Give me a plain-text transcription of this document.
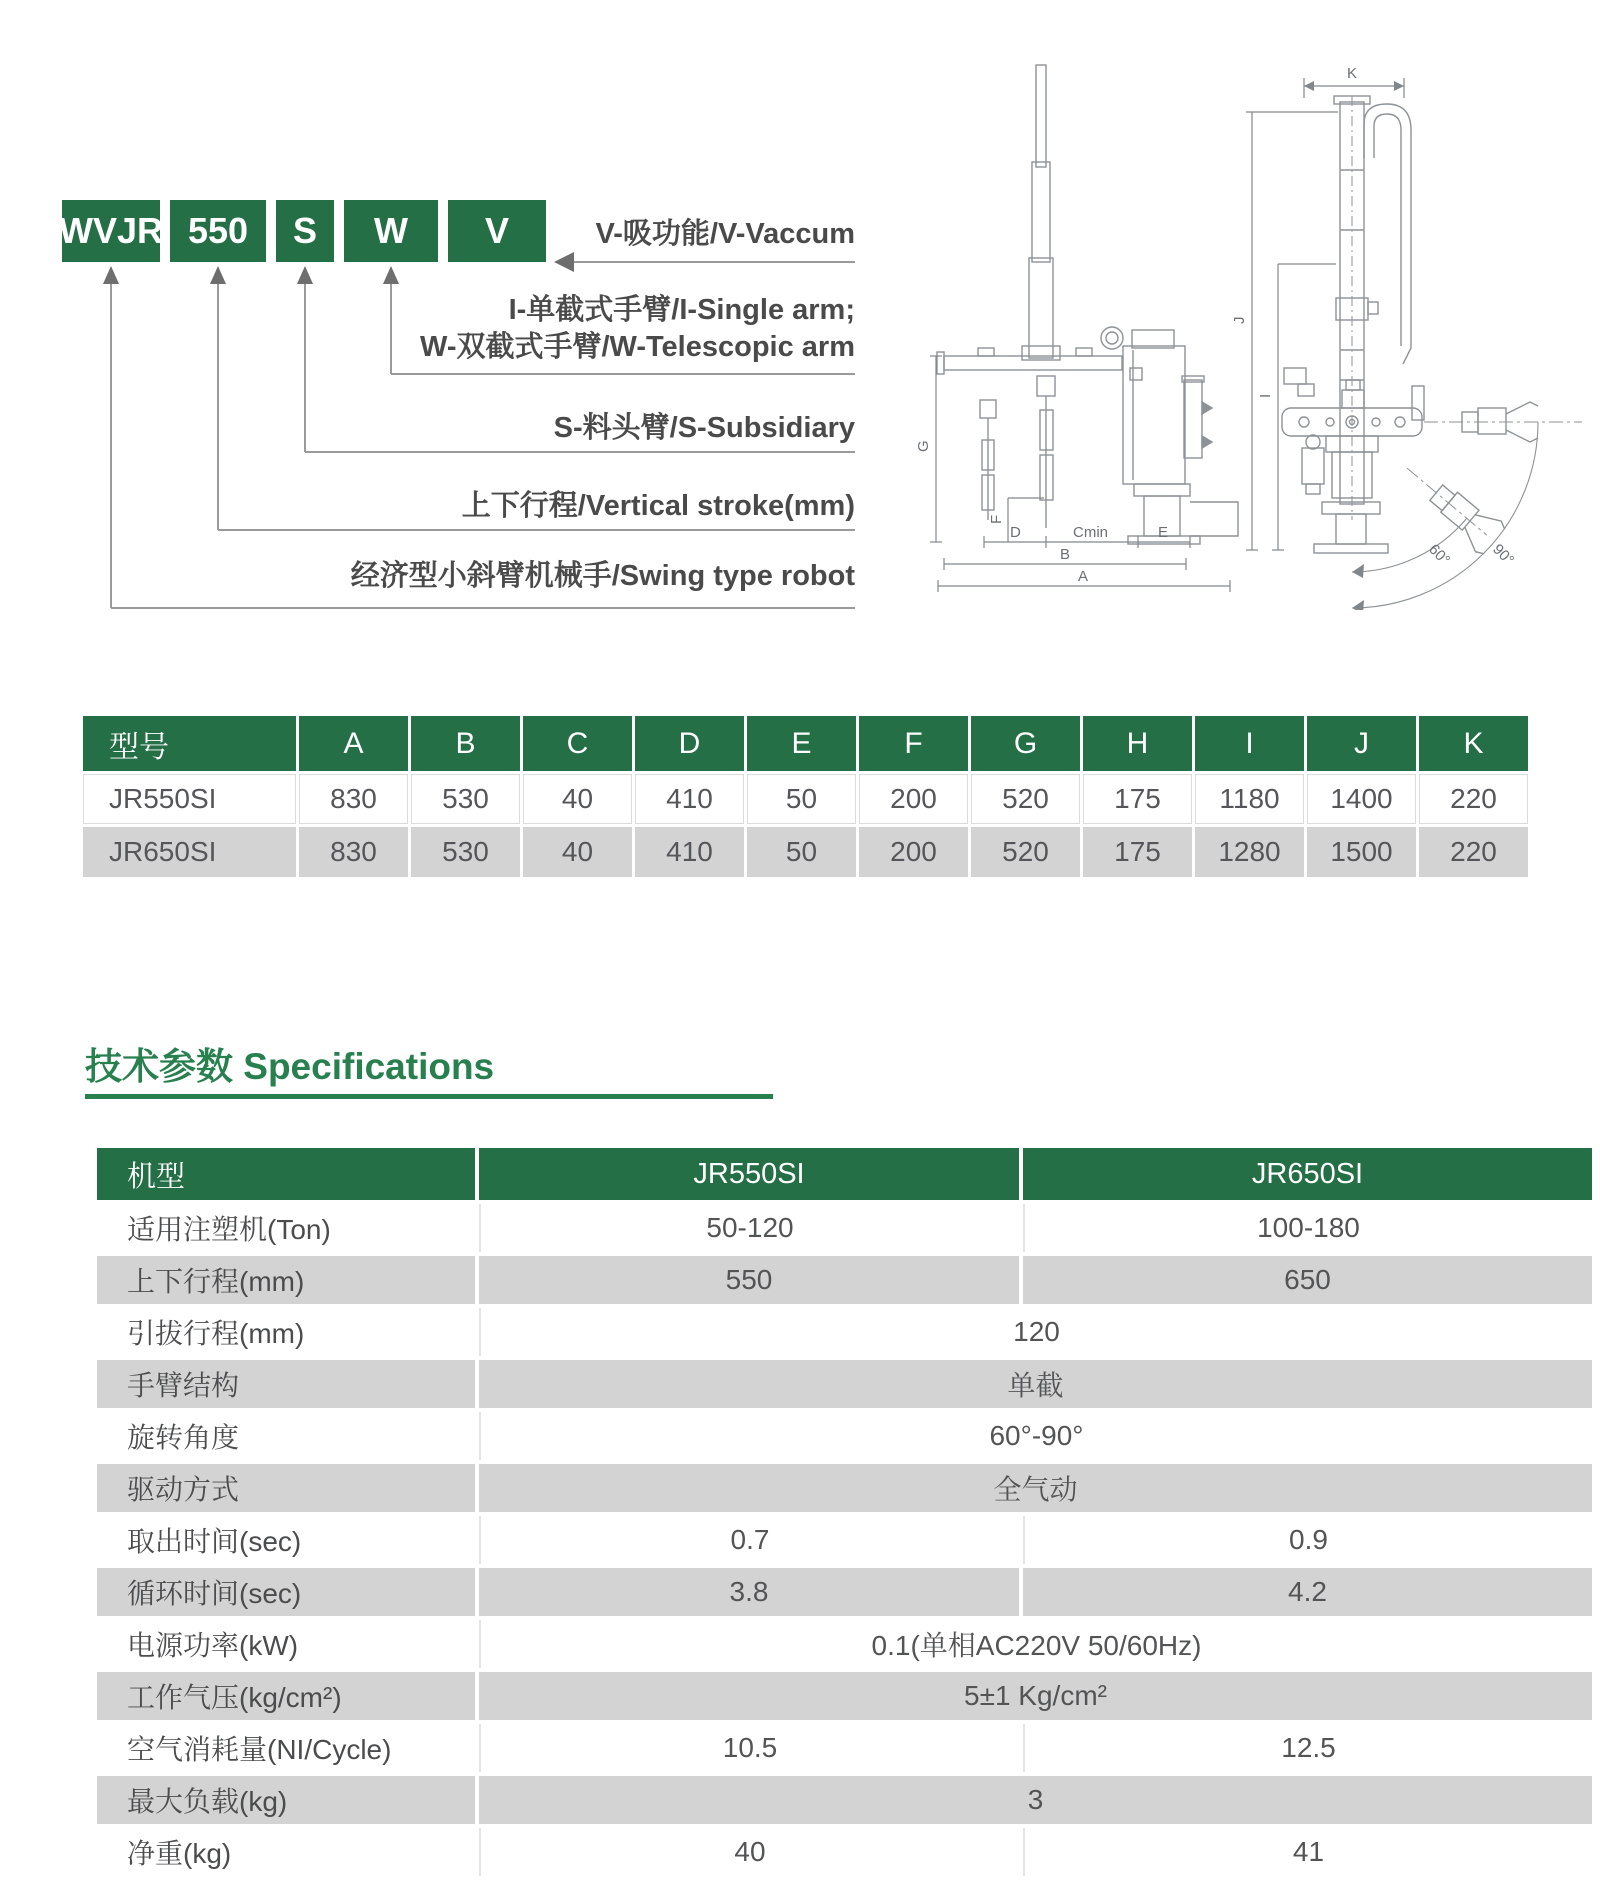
WVJR 550	S	W	V	V-吸功能/V-Vaccum
I-单截式手臂/I-Single arm;
W-双截式手臂/W-Telescopic arm
S-料头臂/S-Subsidiary
上下行程/Vertical stroke(mm)
经济型小斜臂机械手/Swing type robot
G
F
D	Cmin	E
B
A
K
J
I
60° 90°
型号	A	B	C	D	E	F	G	H	I	J	K
JR550SI	830	530	40	410	50	200	520	175	1180	1400	220
JR650SI	830	530	40	410	50	200	520	175	1280	1500	220
技术参数 Specifications
机型	JR550SI	JR650SI
适用注塑机(Ton)	50-120	100-180
上下行程(mm)	550	650
引拔行程(mm)	120
手臂结构	单截
旋转角度	60°-90°
驱动方式	全气动
取出时间(sec)	0.7	0.9
循环时间(sec)	3.8	4.2
电源功率(kW)	0.1(单相AC220V 50/60Hz)
工作气压(kg/cm²)	5±1 Kg/cm²
空气消耗量(NI/Cycle)	10.5	12.5
最大负载(kg)	3
净重(kg)	40	41
